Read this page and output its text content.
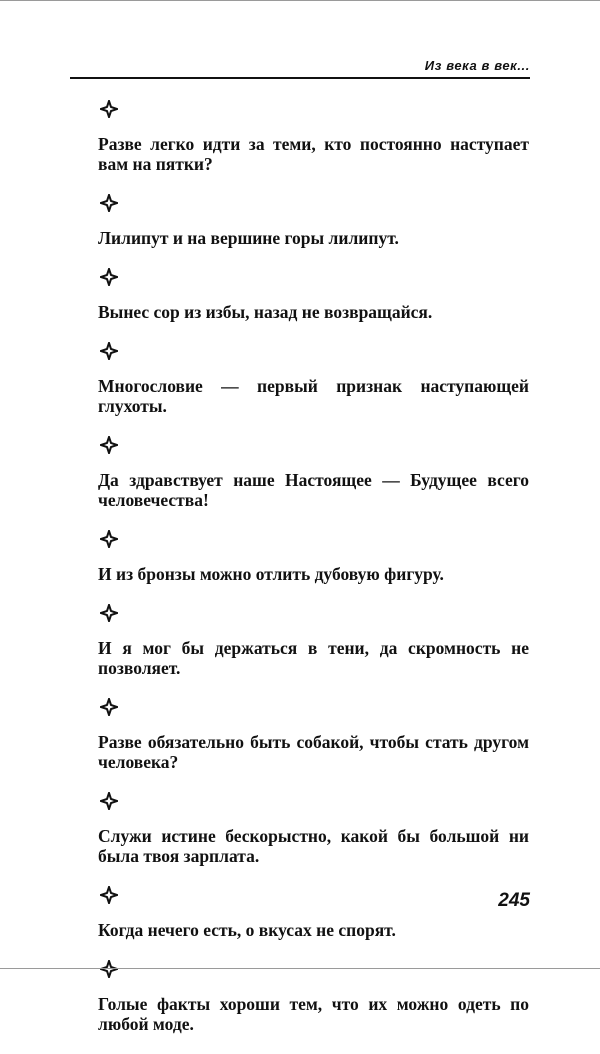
Из века в век...

Разве легко идти за теми, кто постоянно наступает вам на пятки?

Лилипут и на вершине горы лилипут.

Вынес сор из избы, назад не возвращайся.

Многословие — первый признак наступающей глухоты.

Да здравствует наше Настоящее — Будущее всего человечества!

И из бронзы можно отлить дубовую фигуру.

И я мог бы держаться в тени, да скромность не позволяет.

Разве обязательно быть собакой, чтобы стать другом человека?

Служи истине бескорыстно, какой бы большой ни была твоя зарплата.

Когда нечего есть, о вкусах не спорят.

Голые факты хороши тем, что их можно одеть по любой моде.

245
